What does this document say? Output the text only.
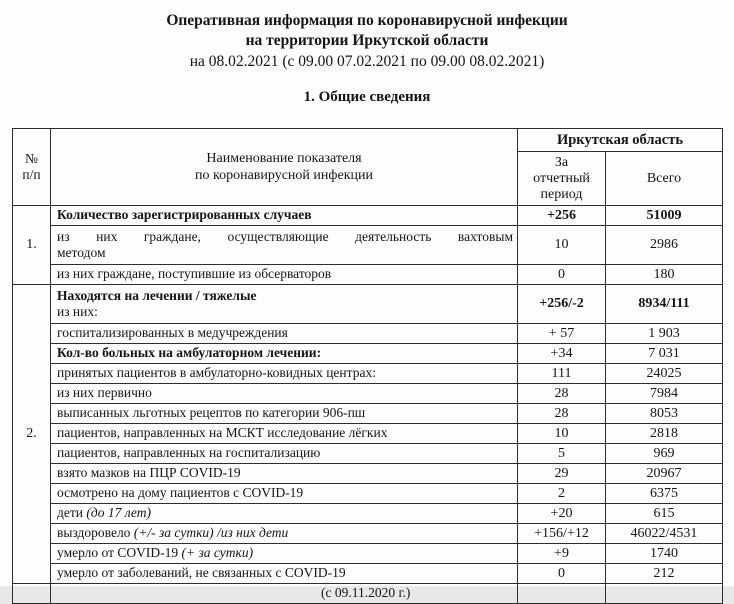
Оперативная информация по коронавирусной инфекции
на территории Иркутской области
на 08.02.2021 (с 09.00 07.02.2021 по 09.00 08.02.2021)
1. Общие сведения
№
п/п

Наименование показателя
по коронавирусной инфекции
	Иркутская область

		За
отчетный
период	Всего
1.	Количество зарегистрированных случаев	+256	51009

	из них граждане, осуществляющие деятельность вахтовым
методом	10	2986

	из них граждане, поступившие из обсерваторов	0	180
2.	Находятся на лечении / тяжелые
из них:	+256/-2	8934/111

	госпитализированных в медучреждения	+ 57	1 903

	Кол-во больных на амбулаторном лечении:	+34	7 031

	принятых пациентов в амбулаторно-ковидных центрах:	111	24025

	из них первично	28	7984

	выписанных льготных рецептов по категории 906-пш	28	8053

	пациентов, направленных на МСКТ исследование лёгких	10	2818

	пациентов, направленных на госпитализацию	5	969

	взято мазков на ПЦР COVID-19	29	20967

	осмотрено на дому пациентов с COVID-19	2	6375

	дети (до 17 лет)	+20	615

	выздоровело (+/- за сутки) /из них дети	+156/+12	46022/4531

	умерло от COVID-19 (+ за сутки)	+9	1740

	умерло от заболеваний, не связанных с COVID-19	0	212
	(с 09.11.2020 г.)		
